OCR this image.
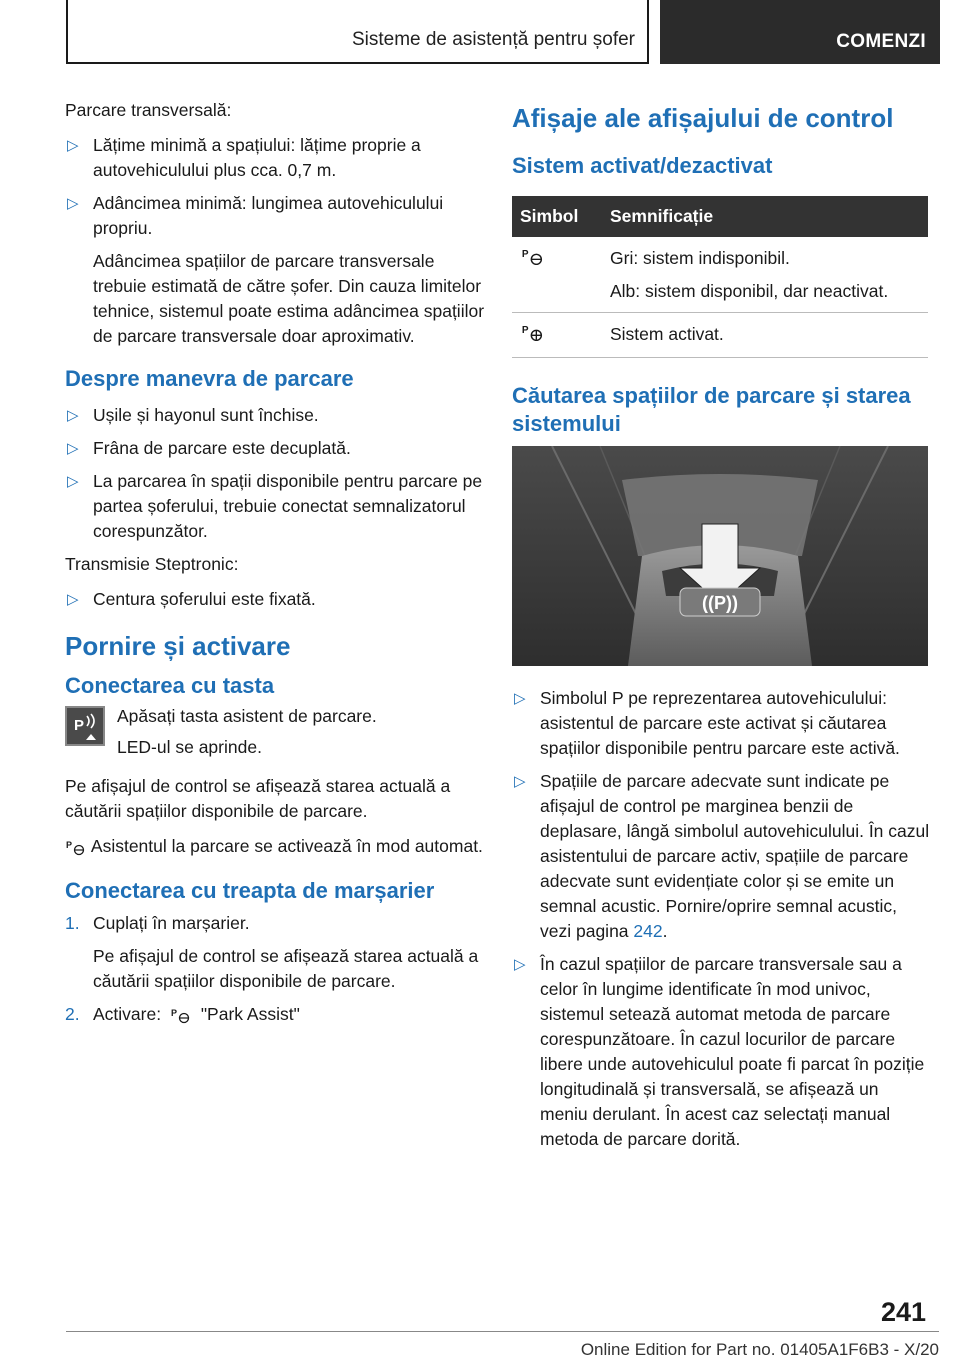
Sisteme de asistență pentru șofer	COMENZI

Parcare transversală:

▷ Lățime minimă a spațiului: lățime proprie a autovehiculului plus cca. 0,7 m.
▷ Adâncimea minimă: lungimea autovehiculului propriu.

Adâncimea spațiilor de parcare transversale trebuie estimată de către șofer. Din cauza limitelor tehnice, sistemul poate estima adâncimea spațiilor de parcare transversale doar aproximativ.

Despre manevra de parcare
▷ Ușile și hayonul sunt închise.
▷ Frâna de parcare este decuplată.
▷ La parcarea în spații disponibile pentru parcare pe partea șoferului, trebuie conectat semnalizatorul corespunzător.

Transmisie Steptronic:

▷ Centura șoferului este fixată.
Pornire și activare
Conectarea cu tasta
P	Apăsați tasta asistent de parcare.

LED-ul se aprinde.

Pe afișajul de control se afișează starea actuală a căutării spațiilor disponibile de parcare.

P Asistentul la parcare se activează în mod automat.

Conectarea cu treapta de marșarier
1. Cuplați în marșarier.
Pe afișajul de control se afișează starea actuală a căutării spațiilor disponibile de parcare.
2. Activare: P "Park Assist"
Afișaje ale afișajului de control
Sistem activat/dezactivat
Simbol	Semnificație

P	Gri: sistem indisponibil.
Alb: sistem disponibil, dar neactivat.

P	Sistem activat.
Căutarea spațiilor de parcare și starea sistemului
((P))
▷ Simbolul P pe reprezentarea autovehiculului: asistentul de parcare este activat și căutarea spațiilor disponibile pentru parcare este activă.
▷ Spațiile de parcare adecvate sunt indicate pe afișajul de control pe marginea benzii de deplasare, lângă simbolul autovehiculului. În cazul asistentului de parcare activ, spațiile de parcare adecvate sunt evidențiate color și se emite un semnal acustic. Pornire/oprire semnal acustic, vezi pagina 242.
▷ În cazul spațiilor de parcare transversale sau a celor în lungime identificate în mod univoc, sistemul setează automat metoda de parcare corespunzătoare. În cazul locurilor de parcare libere unde autovehiculul poate fi parcat în poziție longitudinală și transversală, se afișează un meniu derulant. În acest caz selectați manual metoda de parcare dorită.
241
Online Edition for Part no. 01405A1F6B3 - X/20
